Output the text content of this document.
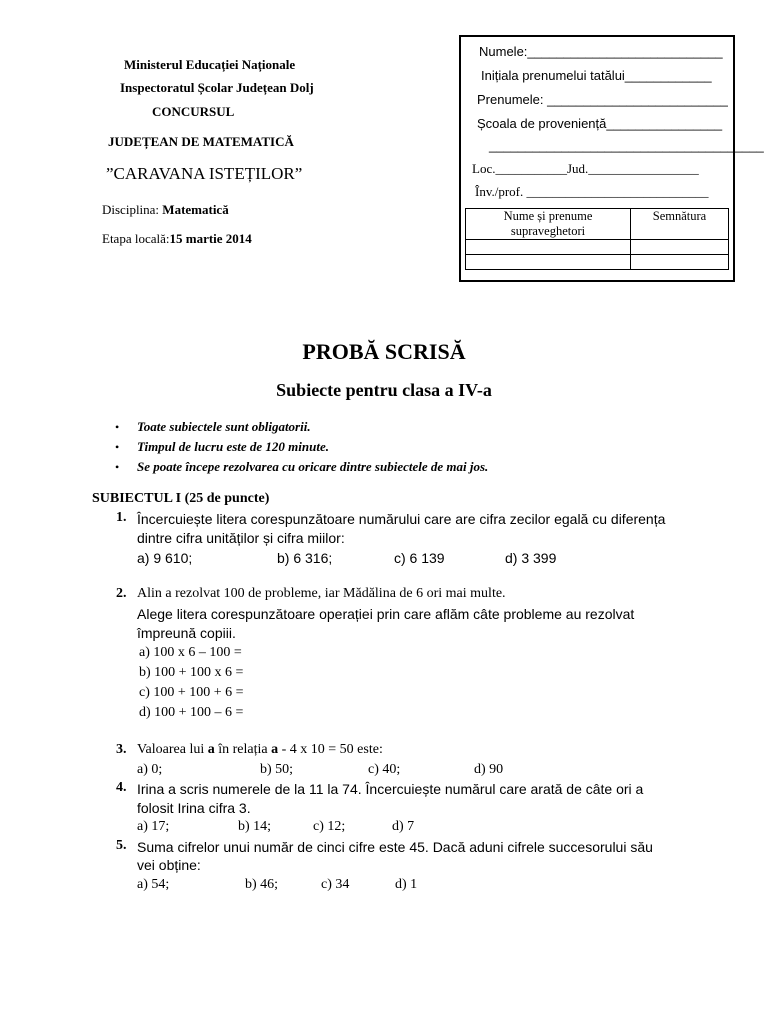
Ministerul Educației Naționale
Inspectoratul Școlar Județean Dolj
CONCURSUL
JUDEȚEAN DE MATEMATICĂ
”CARAVANA ISTEȚILOR”
Disciplina: Matematică
Etapa locală:15 martie 2014
Numele:___________________________
Inițiala prenumelui tatălui____________
Prenumele: _________________________
Școala de proveniență________________
______________________________________
Loc.___________Jud._________________
Înv./prof. ____________________________
Nume și prenume supraveghetori	Semnătura

PROBĂ SCRISĂ
Subiecte pentru clasa a IV-a
• Toate subiectele sunt obligatorii.
• Timpul de lucru este de 120 minute.
• Se poate începe rezolvarea cu oricare dintre subiectele de mai jos.
SUBIECTUL I (25 de puncte)
1. Încercuiește litera corespunzătoare numărului care are cifra zecilor egală cu diferența
dintre cifra unităților și cifra miilor:
a) 9 610;	b) 6 316;	c) 6 139	d) 3 399
2. Alin a rezolvat 100 de probleme, iar Mădălina de 6 ori mai multe.
Alege litera corespunzătoare operației prin care aflăm câte probleme au rezolvat
împreună copiii.
a) 100 x 6 – 100 =
b) 100 + 100 x 6 =
c) 100 + 100 + 6 =
d) 100 + 100 – 6 =
3. Valoarea lui a în relația a - 4 x 10 = 50 este:
a) 0;	b) 50;	c) 40;	d) 90
4. Irina a scris numerele de la 11 la 74. Încercuiește numărul care arată de câte ori a
folosit Irina cifra 3.
a) 17;	b) 14;	c) 12;	d) 7
5. Suma cifrelor unui număr de cinci cifre este 45. Dacă aduni cifrele succesorului său
vei obține:
a) 54;	b) 46;	c) 34	d) 1
